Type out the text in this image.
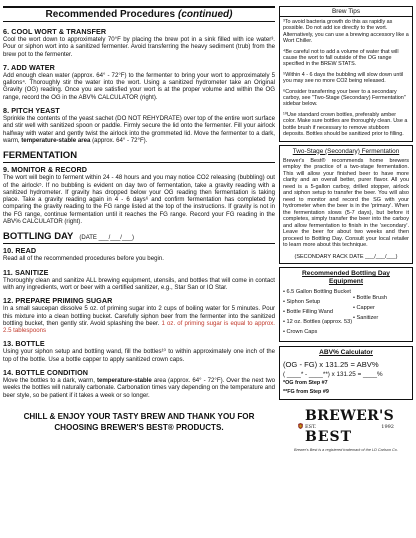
Recommended Procedures (continued)
6. COOL WORT & TRANSFER

Cool the wort down to approximately 70°F by placing the brew pot in a sink filled with ice water³. Pour or siphon wort into a sanitized fermenter. Avoid transferring the heavy sediment (trub) from the brew pot to the fermenter.

7. ADD WATER

Add enough clean water (approx. 64° - 72°F) to the fermenter to bring your wort to approximately 5 gallons⁴. Thoroughly stir the water into the wort. Using a sanitized hydrometer take an Original Gravity (OG) reading. Once you are satisfied your wort is at the proper volume and within the OG range, record the OG in the ABV% CALCULATOR (right).

8. PITCH YEAST

Sprinkle the contents of the yeast sachet (DO NOT REHYDRATE) over top of the entire wort surface and stir well with sanitized spoon or paddle. Firmly secure the lid onto the fermenter. Fill your airlock halfway with water and gently twist the airlock into the grommeted lid. Move the fermenter to a dark, warm, temperature-stable area (approx. 64° - 72°F).

FERMENTATION
9. MONITOR & RECORD

The wort will begin to ferment within 24 - 48 hours and you may notice CO2 releasing (bubbling) out of the airlock⁵. If no bubbling is evident on day two of fermentation, take a gravity reading with a sanitized hydrometer. If gravity has dropped below your OG reading then fermentation is taking place. Take a gravity reading again in 4 - 6 days⁶ and confirm fermentation has completed by comparing the gravity reading to the FG range listed at the top of the instructions. If gravity is not in the FG range, continue fermentation until it reaches the FG range. Record your FG reading in the ABV% CALCULATOR (right).

BOTTLING DAY (DATE ___/___/___)
10. READ

Read all of the recommended procedures before you begin.

11. SANITIZE

Thoroughly clean and sanitize ALL brewing equipment, utensils, and bottles that will come in contact with any ingredients, wort or beer with a certified sanitizer, e.g., Star San or IO Star.

12. PREPARE PRIMING SUGAR

In a small saucepan dissolve 5 oz. of priming sugar into 2 cups of boiling water for 5 minutes. Pour this mixture into a clean bottling bucket. Carefully siphon beer from the fermenter into the sanitized bottling bucket, then gently stir. Avoid splashing the beer. 1 oz. of priming sugar is equal to approx. 2.5 tablespoons

13. BOTTLE

Using your siphon setup and bottling wand, fill the bottles¹⁰ to within approximately one inch of the top of the bottle. Use a bottle capper to apply sanitized crown caps.

14. BOTTLE CONDITION

Move the bottles to a dark, warm, temperature-stable area (approx. 64° - 72°F). Over the next two weeks the bottles will naturally carbonate. Carbonation times vary depending on the temperature and beer style, so be patient if it takes a week or so longer.

CHILL & ENJOY YOUR TASTY BREW AND THANK YOU FOR
CHOOSING BREWER'S BEST® PRODUCTS.
Brew Tips

³To avoid bacteria growth do this as rapidly as possible. Do not add ice directly to the wort. Alternatively, you can use a brewing accessory like a Wort Chiller.

⁴Be careful not to add a volume of water that will cause the wort to fall outside of the OG range specified in the BREW STATS.

⁵Within 4 - 6 days the bubbling will slow down until you may see no more CO2 being released.

⁶Consider transferring your beer to a secondary carboy, see "Two-Stage (Secondary) Fermentation" sidebar below.

¹⁰Use standard crown bottles, preferably amber color. Make sure bottles are thoroughly clean. Use a bottle brush if necessary to remove stubborn deposits. Bottles should be sanitized prior to filling.

Two-Stage (Secondary) Fermentation
Brewer's Best® recommends home brewers employ the practice of a two-stage fermentation. This will allow your finished beer to have more clarity and an overall better, purer flavor. All you need is a 5-gallon carboy, drilled stopper, airlock and siphon setup to transfer the beer. You will also need to monitor and record the SG with your hydrometer when the beer is in the 'primary'. When the fermentation slows (5-7 days), but before it completes, simply transfer the beer into the carboy and allow fermentation to finish in the 'secondary'. Leave the beer for about two weeks and then proceed to Bottling Day. Consult your local retailer to learn more about this technique.
(SECONDARY RACK DATE ___/___/___)
Recommended Bottling Day
Equipment
• 6.5 Gallon Bottling Bucket
• Siphon Setup
• Bottle Filling Wand
• 12 oz. Bottles (approx. 53)
• Crown Caps
• Bottle Brush
• Capper
• Sanitizer
ABV% Calculator
(OG - FG) x 131.25 = ABV%
( ____* - ____**) x 131.25 = ____%
*OG from Step #7
**FG from Step #9
BREWER'S
EST.	1992
BEST
Brewer's Best is a registered trademark of the LD Carlson Co.
